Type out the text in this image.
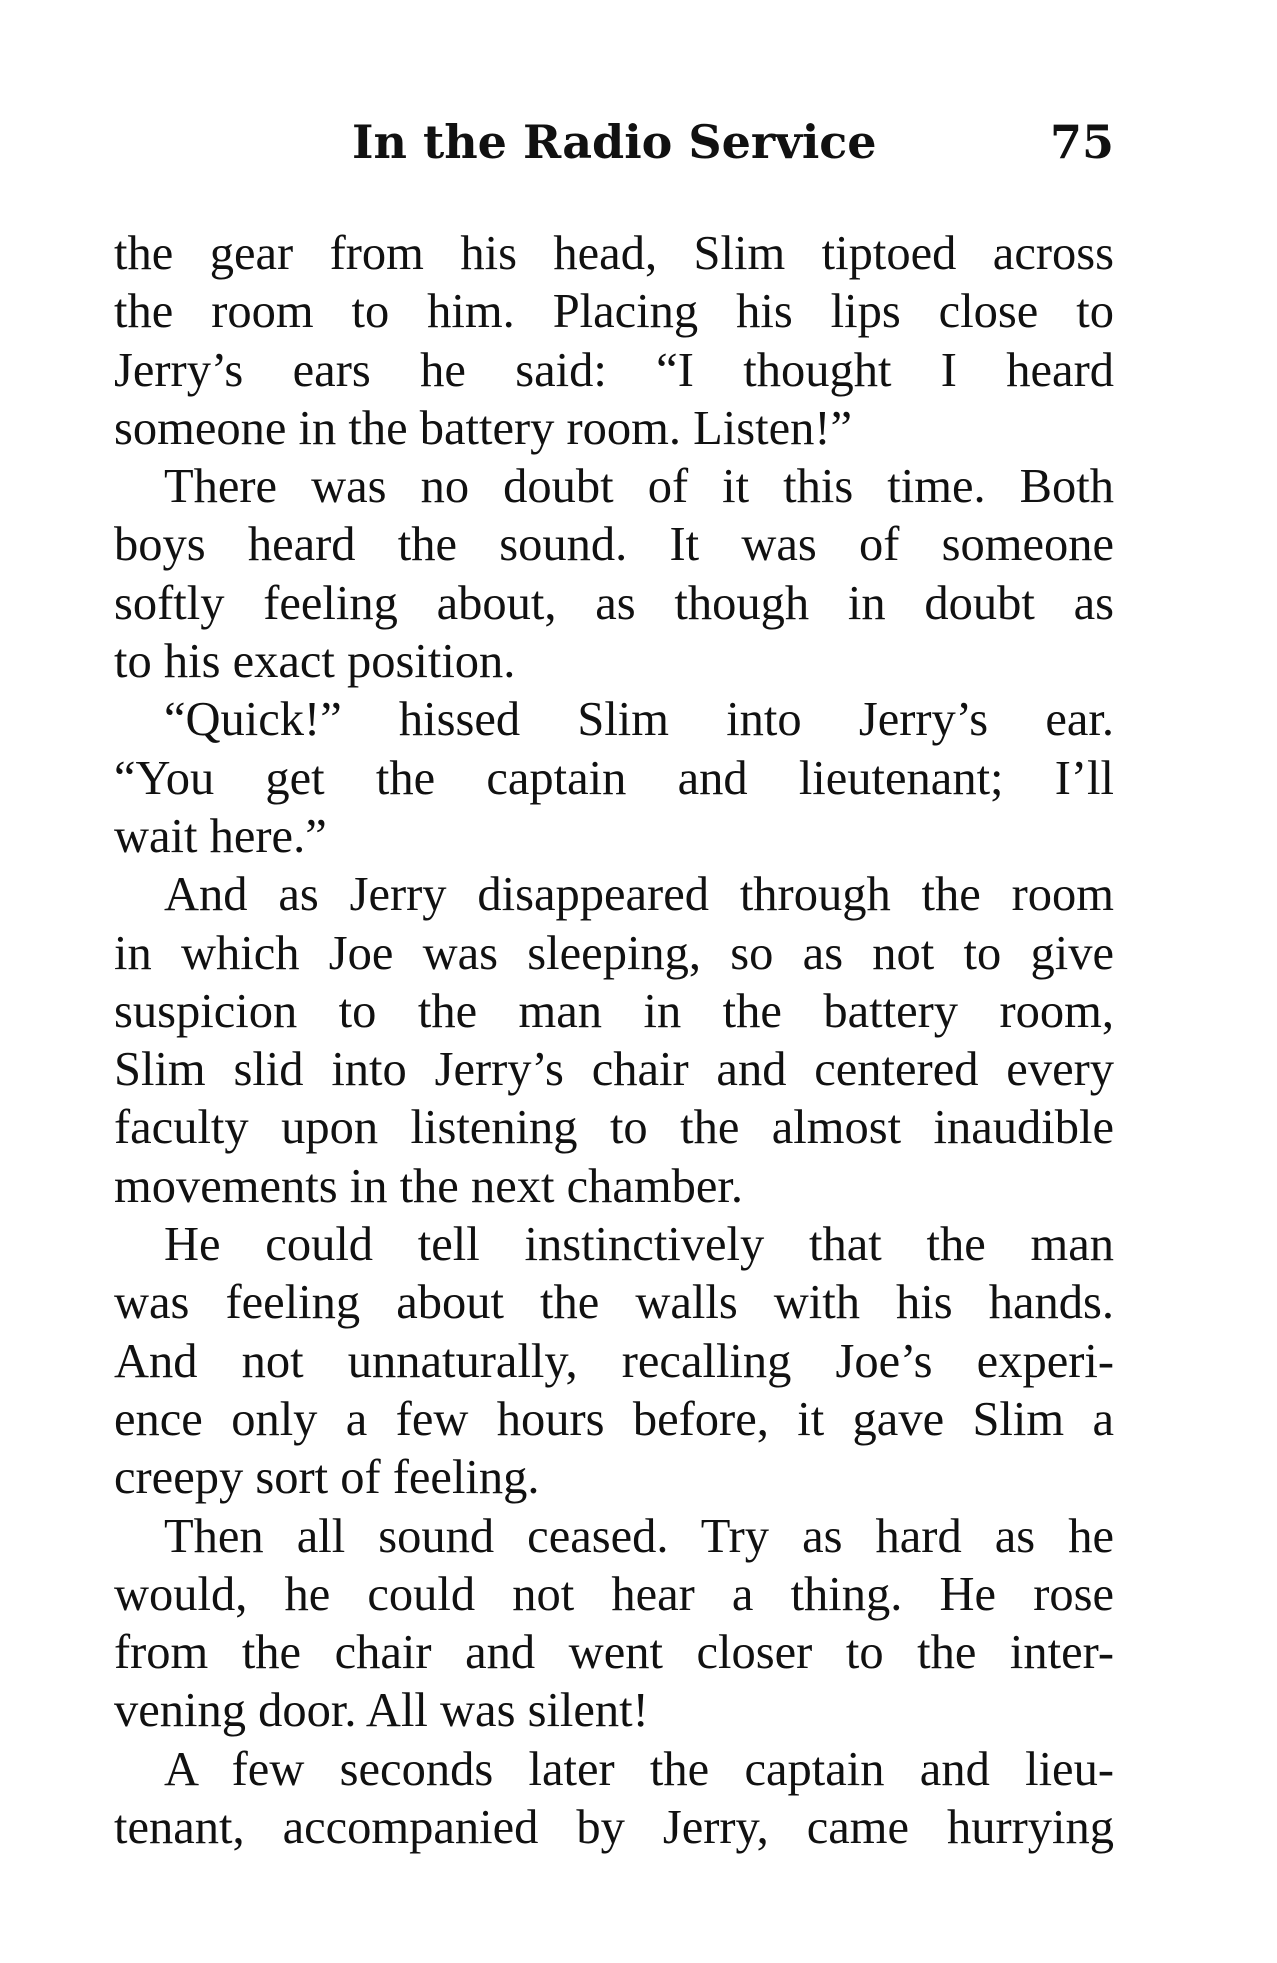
In the Radio Service	75
the gear from his head, Slim tiptoed across
the room to him. Placing his lips close to
Jerry’s ears he said: “I thought I heard
someone in the battery room. Listen!”
There was no doubt of it this time. Both
boys heard the sound. It was of someone
softly feeling about, as though in doubt as
to his exact position.
“Quick!” hissed Slim into Jerry’s ear.
“You get the captain and lieutenant; I’ll
wait here.”
And as Jerry disappeared through the room
in which Joe was sleeping, so as not to give
suspicion to the man in the battery room,
Slim slid into Jerry’s chair and centered every
faculty upon listening to the almost inaudible
movements in the next chamber.
He could tell instinctively that the man
was feeling about the walls with his hands.
And not unnaturally, recalling Joe’s experi-
ence only a few hours before, it gave Slim a
creepy sort of feeling.
Then all sound ceased. Try as hard as he
would, he could not hear a thing. He rose
from the chair and went closer to the inter-
vening door. All was silent!
A few seconds later the captain and lieu-
tenant, accompanied by Jerry, came hurrying
